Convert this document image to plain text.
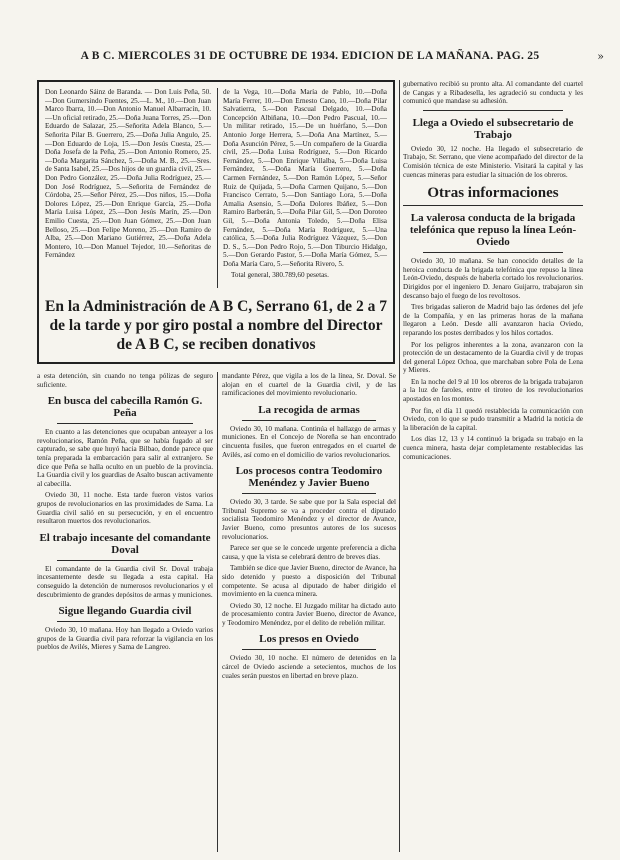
A B C. MIERCOLES 31 DE OCTUBRE DE 1934. EDICION DE LA MAÑANA. PAG. 25	»

Don Leonardo Sáinz de Baranda. — Don Luis Peña, 50.—Don Gumersindo Fuentes, 25.—L. M., 10.—Don Juan Marco Ibarra, 10.—Don Antonio Manuel Albarracín, 10.—Un oficial retirado, 25.—Doña Juana Torres, 25.—Don Eduardo de Salazar, 25.—Señorita Adela Blanco, 5.—Señorita Pilar B. Guerrero, 25.—Doña Julia Angulo, 25.—Don Eduardo de Loja, 15.—Don Jesús Cuesta, 25.—Doña Josefa de la Peña, 25.—Don Antonio Romero, 25.—Doña Margarita Sánchez, 5.—Doña M. B., 25.—Sres. de Santa Isabel, 25.—Dos hijos de un guardia civil, 25.—Don Pedro González, 25.—Doña Julia Rodríguez, 25.—Don José Rodríguez, 5.—Señorita de Fernández de Córdoba, 25.—Señor Pérez, 25.—Dos niños, 15.—Doña Dolores López, 25.—Don Enrique García, 25.—Doña María Luisa López, 25.—Don Jesús Marín, 25.—Don Emilio Cuesta, 25.—Don Juan Gómez, 25.—Don Juan Belloso, 25.—Don Felipe Moreno, 25.—Don Ramiro de Alba, 25.—Don Mariano Gutiérrez, 25.—Doña Adela Montero, 10.—Don Manuel Tejedor, 10.—Señoritas de Fernández

de la Vega, 10.—Doña María de Pablo, 10.—Doña María Ferrer, 10.—Don Ernesto Cano, 10.—Doña Pilar Salvatierra, 5.—Don Pascual Delgado, 10.—Doña Concepción Albiñana, 10.—Don Pedro Pascual, 10.—Un militar retirado, 15.—De un huérfano, 5.—Don Antonio Jorge Herrera, 5.—Doña Ana Martínez, 5.—Doña Asunción Pérez, 5.—Un compañero de la Guardia civil, 25.—Doña Luisa Rodríguez, 5.—Don Ricardo Fernández, 5.—Don Enrique Villalba, 5.—Doña Luisa Fernández, 5.—Doña María Guerrero, 5.—Doña Carmen Fernández, 5.—Don Ramón López, 5.—Señor Ruiz de Quijada, 5.—Doña Carmen Quijano, 5.—Don Francisco Cerrato, 5.—Don Santiago Lora, 5.—Doña Amalia Asensio, 5.—Doña Dolores Ibáñez, 5.—Don Ramiro Barberán, 5.—Doña Pilar Gil, 5.—Don Doroteo Gil, 5.—Doña Antonia Toledo, 5.—Doña Elisa Fernández, 5.—Doña María Rodríguez, 5.—Una católica, 5.—Doña Julia Rodríguez Vázquez, 5.—Don D. S., 5.—Don Pedro Rojo, 5.—Don Tiburcio Hidalgo, 5.—Don Gerardo Pastor, 5.—Doña María Gómez, 5.—Doña María Caro, 5.—Señorita Rivero, 5.

Total general, 380.789,60 pesetas.

En la Administración de A B C, Serrano 61, de 2 a 7 de la tarde y por giro postal a nombre del Director de A B C, se reciben donativos

gubernativo recibió su pronto alta. Al comandante del cuartel de Cangas y a Ribadesella, les agradeció su conducta y les comunicó que mandase su adhesión.

Llega a Oviedo el subsecretario de Trabajo

Oviedo 30, 12 noche. Ha llegado el subsecretario de Trabajo, Sr. Serrano, que viene acompañado del director de la Comisión técnica de este Ministerio. Visitará la capital y las cuencas mineras para estudiar la situación de los obreros.

Otras informaciones
La valerosa conducta de la brigada telefónica que repuso la línea León-Oviedo

Oviedo 30, 10 mañana. Se han conocido detalles de la heroica conducta de la brigada telefónica que repuso la línea León-Oviedo, después de haberla cortado los revolucionarios. Dirigidos por el ingeniero D. Jenaro Guijarro, trabajaron sin descanso bajo el fuego de los revoltosos.

Tres brigadas salieron de Madrid bajo las órdenes del jefe de la Compañía, y en las primeras horas de la mañana llegaron a León. Desde allí avanzaron hacia Oviedo, reparando los postes derribados y los hilos cortados.

Por los peligros inherentes a la zona, avanzaron con la protección de un destacamento de la Guardia civil y de tropas del general López Ochoa, que marchaban sobre Pola de Lena y Mieres.

En la noche del 9 al 10 los obreros de la brigada trabajaron a la luz de faroles, entre el tiroteo de los revolucionarios apostados en los montes.

Por fin, el día 11 quedó restablecida la comunicación con Oviedo, con lo que se pudo transmitir a Madrid la noticia de la liberación de la capital.

Los días 12, 13 y 14 continuó la brigada su trabajo en la cuenca minera, hasta dejar completamente restablecidas las comunicaciones.

a esta detención, sin cuando no tenga pólizas de seguro suficiente.

En busca del cabecilla Ramón G. Peña

En cuanto a las detenciones que ocupaban anteayer a los revolucionarios, Ramón Peña, que se había fugado al ser capturado, se sabe que huyó hacia Bilbao, donde parece que tenía preparada la embarcación para salir al extranjero. Se dice que Peña se halla oculto en un pueblo de la provincia. La Guardia civil y los guardias de Asalto buscan activamente al cabecilla.

Oviedo 30, 11 noche. Esta tarde fueron vistos varios grupos de revolucionarios en las proximidades de Sama. La Guardia civil salió en su persecución, y en el encuentro resultaron muertos dos revolucionarios.

El trabajo incesante del comandante Doval

El comandante de la Guardia civil Sr. Doval trabaja incesantemente desde su llegada a esta capital. Ha conseguido la detención de numerosos revolucionarios y el descubrimiento de grandes depósitos de armas y municiones.

Sigue llegando Guardia civil

Oviedo 30, 10 mañana. Hoy han llegado a Oviedo varios grupos de la Guardia civil para reforzar la vigilancia en los pueblos de Avilés, Mieres y Sama de Langreo.

mandante Pérez, que vigila a los de la línea, Sr. Doval. Se alojan en el cuartel de la Guardia civil, y de las ramificaciones del movimiento revolucionario.

La recogida de armas

Oviedo 30, 10 mañana. Continúa el hallazgo de armas y municiones. En el Concejo de Noreña se han encontrado cincuenta fusiles, que fueron entregados en el cuartel de Avilés, así como en el domicilio de varios revolucionarios.

Los procesos contra Teodomiro Menéndez y Javier Bueno

Oviedo 30, 3 tarde. Se sabe que por la Sala especial del Tribunal Supremo se va a proceder contra el diputado socialista Teodomiro Menéndez y el director de Avance, Javier Bueno, como presuntos autores de los sucesos revolucionarios.

Parece ser que se le concede urgente preferencia a dicha causa, y que la vista se celebrará dentro de breves días.

También se dice que Javier Bueno, director de Avance, ha sido detenido y puesto a disposición del Tribunal competente. Se acusa al diputado de haber dirigido el movimiento en la cuenca minera.

Oviedo 30, 12 noche. El Juzgado militar ha dictado auto de procesamiento contra Javier Bueno, director de Avance, y Teodomiro Menéndez, por el delito de rebelión militar.

Los presos en Oviedo

Oviedo 30, 10 noche. El número de detenidos en la cárcel de Oviedo asciende a setecientos, muchos de los cuales serán puestos en libertad en breve plazo.
